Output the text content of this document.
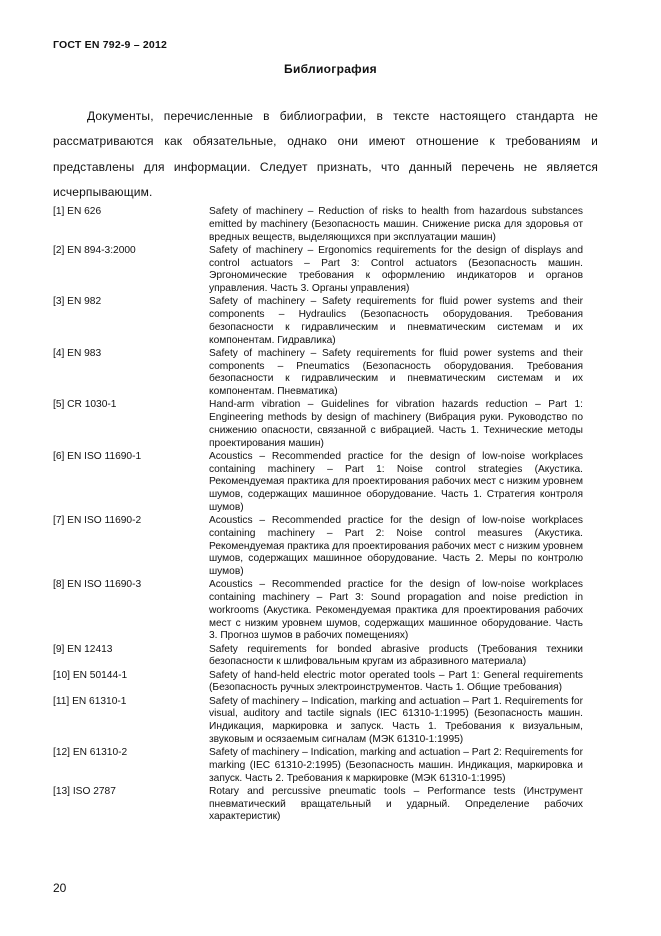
ГОСТ EN 792-9 – 2012
Библиография

Документы, перечисленные в библиографии, в тексте настоящего стандарта не рассматриваются как обязательные, однако они имеют отношение к требованиям и представлены для информации. Следует признать, что данный перечень не является исчерпывающим.

[1] EN 626	Safety of machinery – Reduction of risks to health from hazardous substances emitted by machinery (Безопасность машин. Снижение риска для здоровья от вредных веществ, выделяющихся при эксплуатации машин)
[2] EN 894-3:2000	Safety of machinery – Ergonomics requirements for the design of displays and control actuators – Part 3: Control actuators (Безопасность машин. Эргономические требования к оформлению индикаторов и органов управления. Часть 3. Органы управления)
[3] EN 982	Safety of machinery – Safety requirements for fluid power systems and their components – Hydraulics (Безопасность оборудования. Требования безопасности к гидравлическим и пневматическим системам и их компонентам. Гидравлика)
[4] EN 983	Safety of machinery – Safety requirements for fluid power systems and their components – Pneumatics (Безопасность оборудования. Требования безопасности к гидравлическим и пневматическим системам и их компонентам. Пневматика)
[5] CR 1030-1	Hand-arm vibration – Guidelines for vibration hazards reduction – Part 1: Engineering methods by design of machinery (Вибрация руки. Руководство по снижению опасности, связанной с вибрацией. Часть 1. Технические методы проектирования машин)
[6] EN ISO 11690-1	Acoustics – Recommended practice for the design of low-noise workplaces containing machinery – Part 1: Noise control strategies (Акустика. Рекомендуемая практика для проектирования рабочих мест с низким уровнем шумов, содержащих машинное оборудование. Часть 1. Стратегия контроля шумов)
[7] EN ISO 11690-2	Acoustics – Recommended practice for the design of low-noise workplaces containing machinery – Part 2: Noise control measures (Акустика. Рекомендуемая практика для проектирования рабочих мест с низким уровнем шумов, содержащих машинное оборудование. Часть 2. Меры по контролю шумов)
[8] EN ISO 11690-3	Acoustics – Recommended practice for the design of low-noise workplaces containing machinery – Part 3: Sound propagation and noise prediction in workrooms (Акустика. Рекомендуемая практика для проектирования рабочих мест с низким уровнем шумов, содержащих машинное оборудование. Часть 3. Прогноз шумов в рабочих помещениях)
[9] EN 12413	Safety requirements for bonded abrasive products (Требования техники безопасности к шлифовальным кругам из абразивного материала)
[10] EN 50144-1	Safety of hand-held electric motor operated tools – Part 1: General requirements (Безопасность ручных электроинструментов. Часть 1. Общие требования)
[11] EN 61310-1	Safety of machinery – Indication, marking and actuation – Part 1. Requirements for visual, auditory and tactile signals (IEC 61310-1:1995) (Безопасность машин. Индикация, маркировка и запуск. Часть 1. Требования к визуальным, звуковым и осязаемым сигналам (МЭК 61310-1:1995)
[12] EN 61310-2	Safety of machinery – Indication, marking and actuation – Part 2: Requirements for marking (IEC 61310-2:1995) (Безопасность машин. Индикация, маркировка и запуск. Часть 2. Требования к маркировке (МЭК 61310-1:1995)
[13] ISO 2787	Rotary and percussive pneumatic tools – Performance tests (Инструмент пневматический вращательный и ударный. Определение рабочих характеристик)
20
